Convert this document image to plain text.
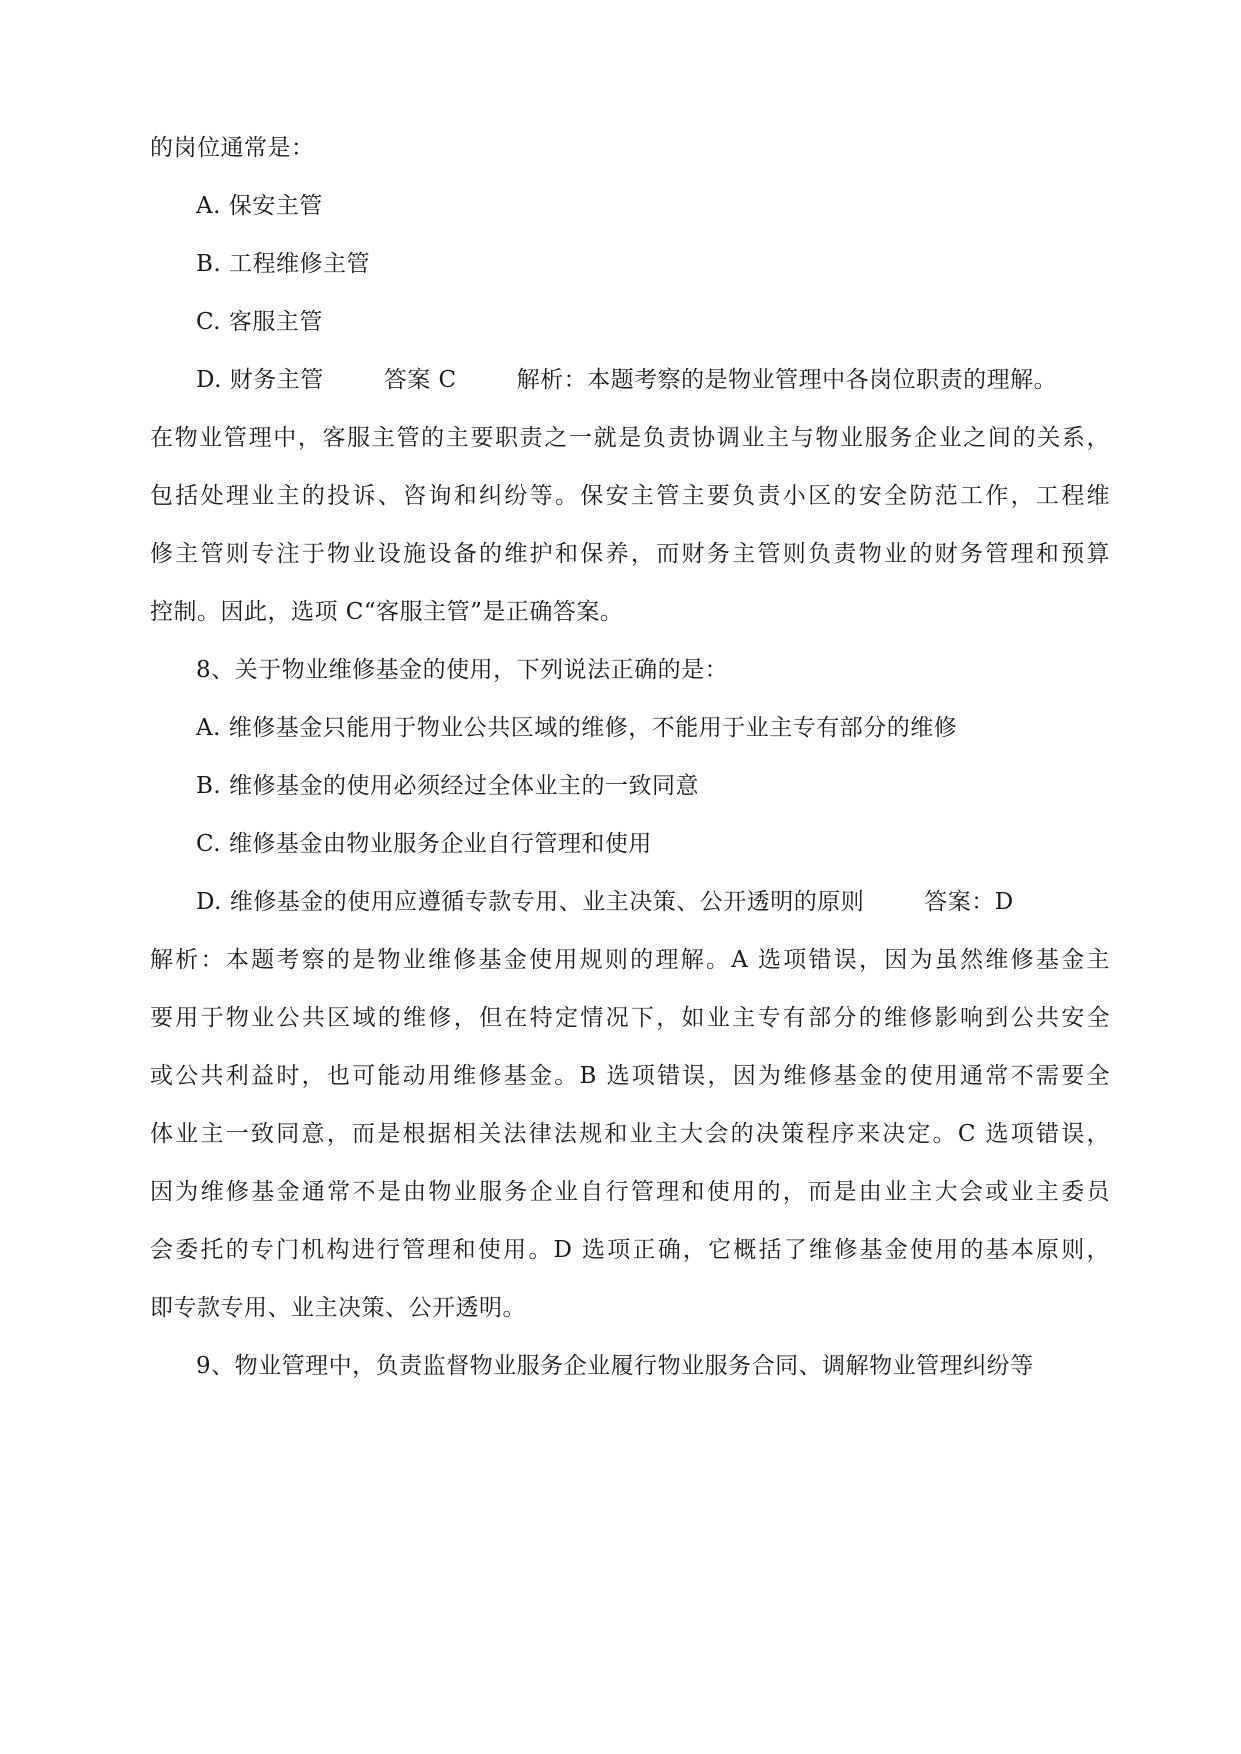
的岗位通常是：
A. 保安主管
B. 工程维修主管
C. 客服主管
D. 财务主管	答案 C	解析：本题考察的是物业管理中各岗位职责的理解。
在物业管理中，客服主管的主要职责之一就是负责协调业主与物业服务企业之间的关系，
包括处理业主的投诉、咨询和纠纷等。保安主管主要负责小区的安全防范工作，工程维
修主管则专注于物业设施设备的维护和保养，而财务主管则负责物业的财务管理和预算
控制。因此，选项 C“客服主管”是正确答案。
8、关于物业维修基金的使用，下列说法正确的是：
A. 维修基金只能用于物业公共区域的维修，不能用于业主专有部分的维修
B. 维修基金的使用必须经过全体业主的一致同意
C. 维修基金由物业服务企业自行管理和使用
D. 维修基金的使用应遵循专款专用、业主决策、公开透明的原则	答案：D
解析：本题考察的是物业维修基金使用规则的理解。A 选项错误，因为虽然维修基金主
要用于物业公共区域的维修，但在特定情况下，如业主专有部分的维修影响到公共安全
或公共利益时，也可能动用维修基金。B 选项错误，因为维修基金的使用通常不需要全
体业主一致同意，而是根据相关法律法规和业主大会的决策程序来决定。C 选项错误，
因为维修基金通常不是由物业服务企业自行管理和使用的，而是由业主大会或业主委员
会委托的专门机构进行管理和使用。D 选项正确，它概括了维修基金使用的基本原则，
即专款专用、业主决策、公开透明。
9、物业管理中，负责监督物业服务企业履行物业服务合同、调解物业管理纠纷等
